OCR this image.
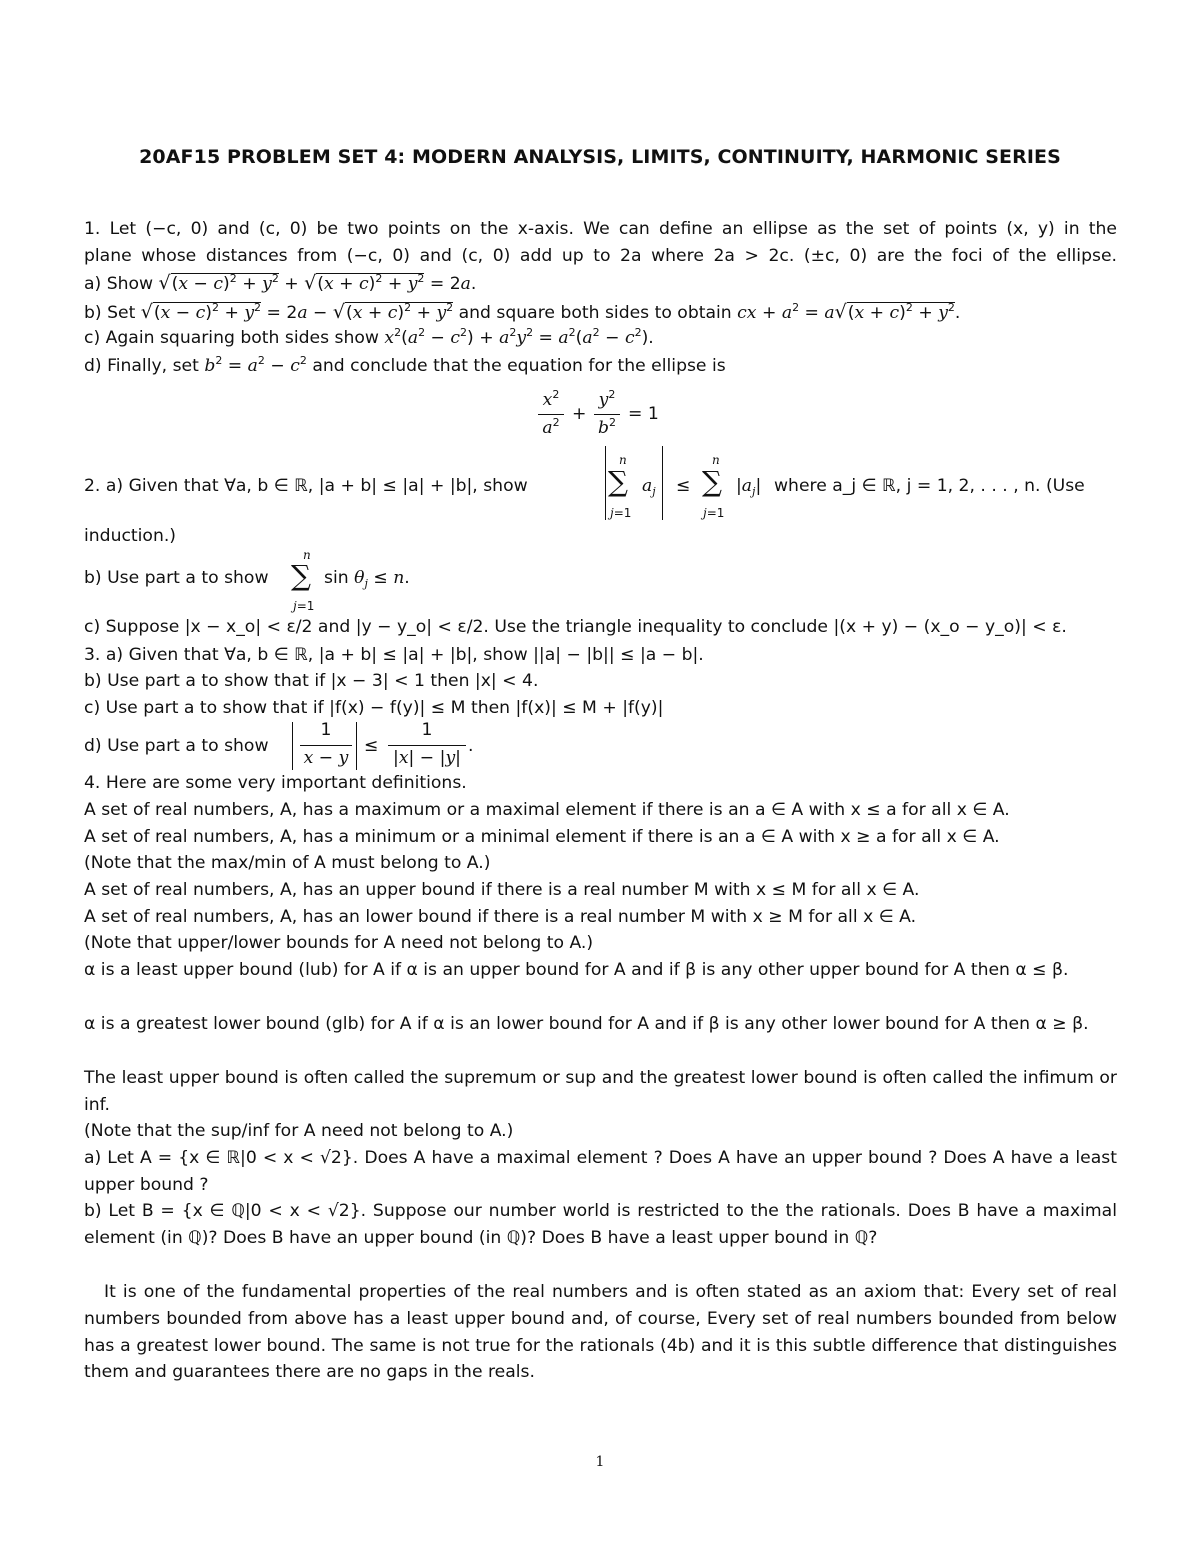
20AF15 PROBLEM SET 4: MODERN ANALYSIS, LIMITS, CONTINUITY, HARMONIC SERIES
1. Let (−c, 0) and (c, 0) be two points on the x-axis. We can define an ellipse as the set of points (x, y) in the
plane whose distances from (−c, 0) and (c, 0) add up to 2a where 2a > 2c. (±c, 0) are the foci of the ellipse.
a) Show $√(x - c)^2 + y^2 + √(x + c)^2 + y^2 = 2a$.
b) Set $√(x - c)^2 + y^2 = 2a - √(x + c)^2 + y^2$ and square both sides to obtain cx + $a^2 = a√(x + c)^2 + y^2$.
c) Again squaring both sides show $x^2(a^2 - c^2) + a^2y^2 = a^2(a^2 - c^2)$.
d) Finally, set $b^2 = a^2 - c^2$ and conclude that the equation for the ellipse is
$x^2$
$a^2$ +
$y^2$
$b^2 = 1$
2. a) Given that ∀a, b ∈ ℝ, |a + b| ≤ |a| + |b|, show
n
∑
j=1
$a_j$ ≤
n
∑
j=1
$|a_j|$ where a_j ∈ ℝ, j = 1, 2, . . . , n. (Use
induction.)
b) Use part a to show
n
∑
j=1
$\sin \theta_j \le n$.
c) Suppose |x − x_o| < ε/2 and |y − y_o| < ε/2. Use the triangle inequality to conclude |(x + y) − (x_o − y_o)| < ε.
3. a) Given that ∀a, b ∈ ℝ, |a + b| ≤ |a| + |b|, show ||a| − |b|| ≤ |a − b|.
b) Use part a to show that if |x − 3| < 1 then |x| < 4.
c) Use part a to show that if |f(x) − f(y)| ≤ M then |f(x)| ≤ M + |f(y)|
d) Use part a to show
1
x − y
≤
1
|x| − |y|
.
4. Here are some very important definitions.
A set of real numbers, A, has a maximum or a maximal element if there is an a ∈ A with x ≤ a for all x ∈ A.
A set of real numbers, A, has a minimum or a minimal element if there is an a ∈ A with x ≥ a for all x ∈ A.
(Note that the max/min of A must belong to A.)
A set of real numbers, A, has an upper bound if there is a real number M with x ≤ M for all x ∈ A.
A set of real numbers, A, has an lower bound if there is a real number M with x ≥ M for all x ∈ A.
(Note that upper/lower bounds for A need not belong to A.)
α is a least upper bound (lub) for A if α is an upper bound for A and if β is any other upper bound for A then α ≤ β.
α is a greatest lower bound (glb) for A if α is an lower bound for A and if β is any other lower bound for A then α ≥ β.
The least upper bound is often called the supremum or sup and the greatest lower bound is often called the infimum or inf.
(Note that the sup/inf for A need not belong to A.)
a) Let A = {x ∈ ℝ|0 < x < √2}. Does A have a maximal element ? Does A have an upper bound ? Does A have a least upper bound ?
b) Let B = {x ∈ ℚ|0 < x < √2}. Suppose our number world is restricted to the the rationals. Does B have a maximal element (in ℚ)? Does B have an upper bound (in ℚ)? Does B have a least upper bound in ℚ?
It is one of the fundamental properties of the real numbers and is often stated as an axiom that: Every set of real numbers bounded from above has a least upper bound and, of course, Every set of real numbers bounded from below has a greatest lower bound. The same is not true for the rationals (4b) and it is this subtle difference that distinguishes them and guarantees there are no gaps in the reals.
1
